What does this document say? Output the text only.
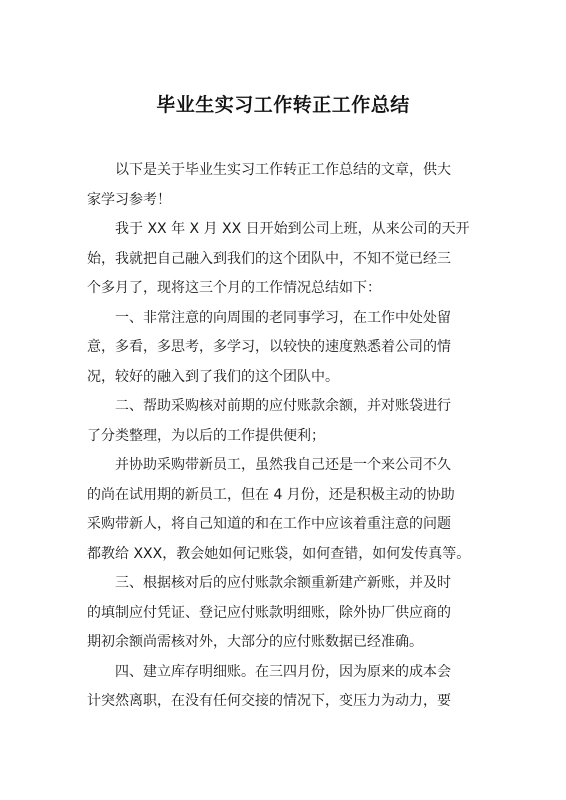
毕业生实习工作转正工作总结
以下是关于毕业生实习工作转正工作总结的文章，供大
家学习参考！
我于 XX 年 X 月 XX 日开始到公司上班，从来公司的天开
始，我就把自己融入到我们的这个团队中，不知不觉已经三
个多月了，现将这三个月的工作情况总结如下：
一、非常注意的向周围的老同事学习，在工作中处处留
意，多看，多思考，多学习，以较快的速度熟悉着公司的情
况，较好的融入到了我们的这个团队中。
二、帮助采购核对前期的应付账款余额，并对账袋进行
了分类整理，为以后的工作提供便利；
并协助采购带新员工，虽然我自己还是一个来公司不久
的尚在试用期的新员工，但在 4 月份，还是积极主动的协助
采购带新人，将自己知道的和在工作中应该着重注意的问题
都教给 XXX，教会她如何记账袋，如何查错，如何发传真等。
三、根据核对后的应付账款余额重新建产新账，并及时
的填制应付凭证、登记应付账款明细账，除外协厂供应商的
期初余额尚需核对外，大部分的应付账数据已经准确。
四、建立库存明细账。在三四月份，因为原来的成本会
计突然离职，在没有任何交接的情况下，变压力为动力，要
